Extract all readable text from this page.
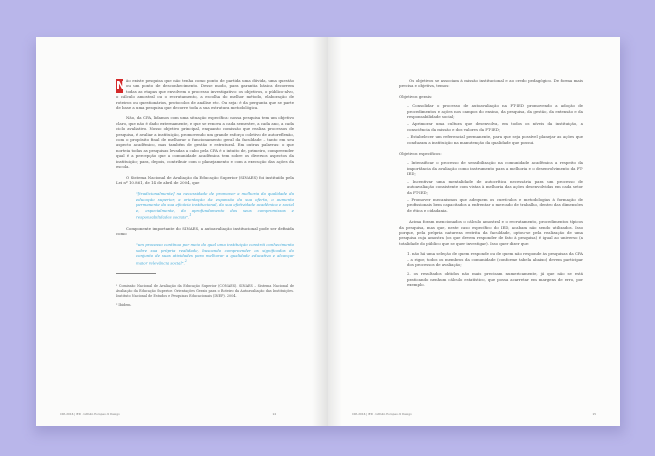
N ão existe pesquisa que não tenha como ponto de partida uma dúvida, uma questão ou um ponto de desconhecimento. Desse modo, para garantia básica decorrem todas as etapas que envolvem o processo investigativo: os objetivos, o público-alvo, o cálculo amostral ou o recrutamento, a escolha do melhor método, elaboração de roteiros ou questionários, protocolos de análise etc. Ou seja: é da pergunta que se parte de base a uma pesquisa que decorre toda a sua estrutura metodológica.

Não, da CPA, lidamos com uma situação específica: nossa pesquisa tem um objetivo claro, que não é dado externamente, e que se renova a cada semestre, a cada ano, a cada ciclo avaliativo. Nosso objetivo principal, enquanto comissão que realiza processos de pesquisa, é avaliar a instituição, promovendo um grande esforço coletivo de autoreflexão, com o propósito final de melhorar o funcionamento geral da faculdade – tanto em seu aspecto acadêmico, mas também de gestão e estrutural. Em outras palavras: o que norteia todas as pesquisas levadas a cabo pela CPA é o intuito de, primeiro, compreender qual é a percepção que a comunidade acadêmica tem sobre os diversos aspectos da instituição; para, depois, contribuir com o planejamento e com a execução das ações da escola.

O Sistema Nacional de Avaliação da Educação Superior (SINAES) foi instituído pela Lei nº 10.861, de 14 de abril de 2004, que

"[tradicionalmente] na necessidade de promover a melhoria da qualidade da educação superior, a orientação da expansão da sua oferta, o aumento permanente da sua eficácia institucional, da sua efetividade acadêmica e social e, especialmente, do aprofundamento dos seus compromissos e responsabilidades sociais".$^1$

Componente importante do SINAES, a autoavaliação institucional pode ser definida como

"um processo contínuo por meio do qual uma instituição constrói conhecimento sobre sua própria realidade, buscando compreender os significados do conjunto de suas atividades para melhorar a qualidade educativa e alcançar maior relevância social".$^2$

¹ Comissão Nacional de Avaliação da Educação Superior (CONAES). SINAES – Sistema Nacional de Avaliação da Educação Superior. Orientações Gerais para o Roteiro da Autoavaliação das Instituições. Instituto Nacional de Estudos e Pesquisas Educacionais (INEP). 2004.

² Ibidem.

CPA 2016 | IED · Istituto Europeo di Design	14

Os objetivos se associam à missão institucional e ao credo pedagógico. De forma mais precisa e objetiva, temos:

Objetivos gerais:

– Consolidar o processo de autoavaliação na FT-IED promovendo a adoção de procedimentos e ações nos campos do ensino, da pesquisa, da gestão, da extensão e da responsabilidade social;

– Aprimorar uma cultura que desenvolva, em todos os níveis da instituição, a consciência da missão e dos valores da FT-IED;

– Estabelecer um referencial permanente, para que seja possível planejar as ações que conduzam a instituição na manutenção da qualidade que possui.

Objetivos específicos:

– Intensificar o processo de sensibilização na comunidade acadêmica a respeito da importância da avaliação como instrumento para a melhoria e o desenvolvimento da FT-IED;

– Incentivar uma mentalidade de autocrítica necessária para um processo de autoavaliação consistente com vistas à melhoria das ações desenvolvidas em cada setor da FT-IED;

– Promover mecanismos que adequem os currículos e metodologias à formação de profissionais bem capacitados a enfrentar o mercado de trabalho, dentro das dimensões de ética e cidadania.

Acima foram mencionados o cálculo amostral e o recrutamento, procedimentos típicos da pesquisa, mas que, neste caso específico do IED, acabam não sendo utilizados. Isso porque, pela própria natureza restrita da faculdade, optou-se pela realização de uma pesquisa cuja amostra (os que devem responder de fato à pesquisa) é igual ao universo (a totalidade do público que se quer investigar). Isso quer dizer que:

1. não há uma seleção de quem responde ou de quem não responde às pesquisas da CPA – a rigor, todos os membros da comunidade (conforme tabela abaixo) devem participar dos processos de avaliação;

2. os resultados obtidos não mais precisam numericamente, já que não se está praticando nenhum cálculo estatístico, que possa acarretar em margens de erro, por exemplo.

CPA 2016 | IED · Istituto Europeo di Design	15
